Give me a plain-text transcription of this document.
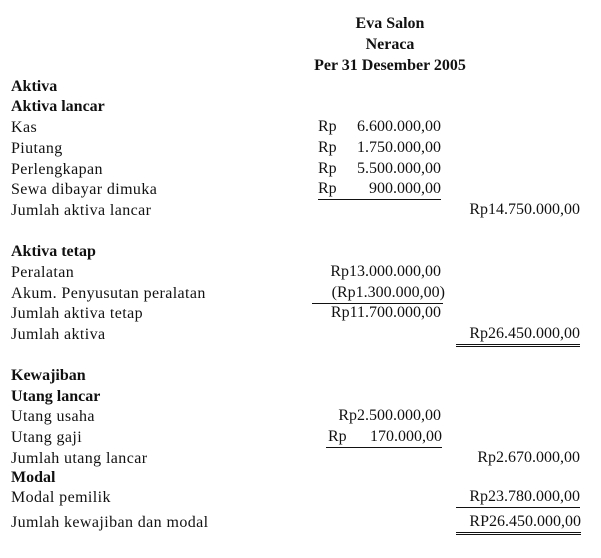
Eva Salon
Neraca
Per 31 Desember 2005
Aktiva
Aktiva lancar
Kas	Rp 6.600.000,00
Piutang	Rp 1.750.000,00
Perlengkapan	Rp 5.500.000,00
Sewa dibayar dimuka	Rp 900.000,00
Jumlah aktiva lancar	Rp14.750.000,00
Aktiva tetap
Peralatan	Rp13.000.000,00
Akum. Penyusutan peralatan	(Rp1.300.000,00)
Jumlah aktiva tetap	Rp11.700.000,00
Jumlah aktiva	Rp26.450.000,00
Kewajiban
Utang lancar
Utang usaha	Rp2.500.000,00
Utang gaji	Rp 170.000,00
Jumlah utang lancar	Rp2.670.000,00
Modal
Modal pemilik	Rp23.780.000,00
Jumlah kewajiban dan modal	RP26.450.000,00
